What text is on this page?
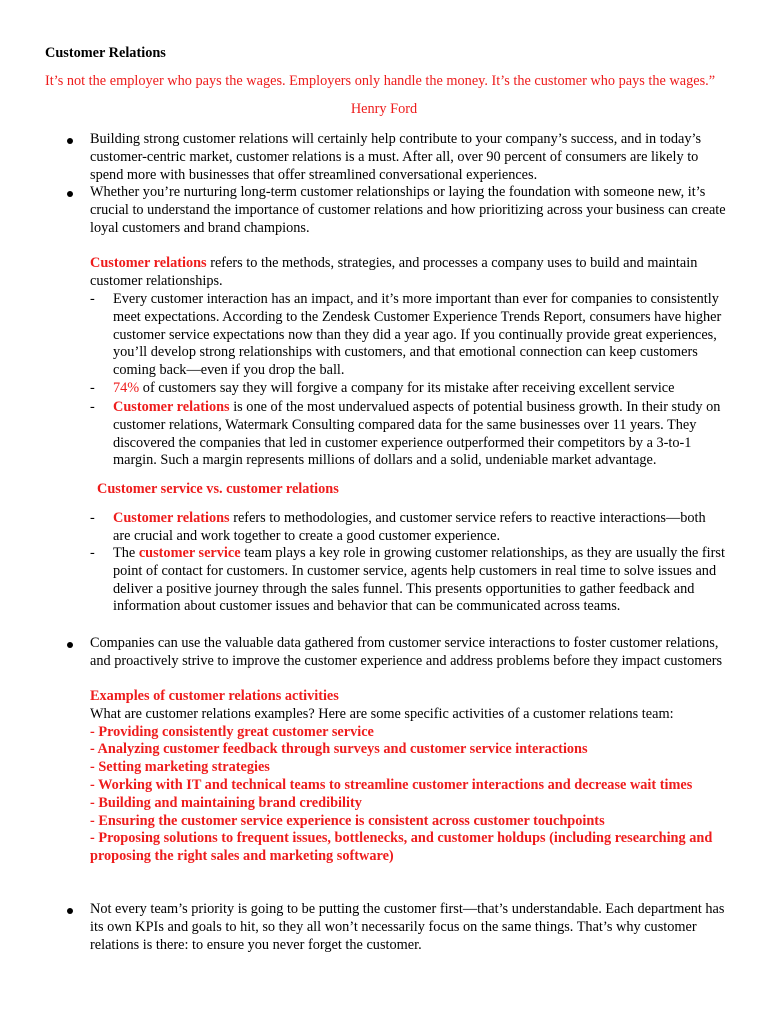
Customer Relations

It’s not the employer who pays the wages. Employers only handle the money. It’s the customer who pays the wages.”

Henry Ford

Building strong customer relations will certainly help contribute to your company’s success, and in today’s customer-centric market, customer relations is a must. After all, over 90 percent of consumers are likely to spend more with businesses that offer streamlined conversational experiences.

Whether you’re nurturing long-term customer relationships or laying the foundation with someone new, it’s crucial to understand the importance of customer relations and how prioritizing across your business can create loyal customers and brand champions.

Customer relations refers to the methods, strategies, and processes a company uses to build and maintain customer relationships.

- Every customer interaction has an impact, and it’s more important than ever for companies to consistently meet expectations. According to the Zendesk Customer Experience Trends Report, consumers have higher customer service expectations now than they did a year ago. If you continually provide great experiences, you’ll develop strong relationships with customers, and that emotional connection can keep customers coming back—even if you drop the ball.

- 74% of customers say they will forgive a company for its mistake after receiving excellent service

- Customer relations is one of the most undervalued aspects of potential business growth. In their study on customer relations, Watermark Consulting compared data for the same businesses over 11 years. They discovered the companies that led in customer experience outperformed their competitors by a 3-to-1 margin. Such a margin represents millions of dollars and a solid, undeniable market advantage.

Customer service vs. customer relations

- Customer relations refers to methodologies, and customer service refers to reactive interactions—both are crucial and work together to create a good customer experience.

- The customer service team plays a key role in growing customer relationships, as they are usually the first point of contact for customers. In customer service, agents help customers in real time to solve issues and deliver a positive journey through the sales funnel. This presents opportunities to gather feedback and information about customer issues and behavior that can be communicated across teams.

Companies can use the valuable data gathered from customer service interactions to foster customer relations, and proactively strive to improve the customer experience and address problems before they impact customers

Examples of customer relations activities
What are customer relations examples? Here are some specific activities of a customer relations team:
- Providing consistently great customer service
- Analyzing customer feedback through surveys and customer service interactions
- Setting marketing strategies
- Working with IT and technical teams to streamline customer interactions and decrease wait times
- Building and maintaining brand credibility
- Ensuring the customer service experience is consistent across customer touchpoints
- Proposing solutions to frequent issues, bottlenecks, and customer holdups (including researching and proposing the right sales and marketing software)

Not every team’s priority is going to be putting the customer first—that’s understandable. Each department has its own KPIs and goals to hit, so they all won’t necessarily focus on the same things. That’s why customer relations is there: to ensure you never forget the customer.
